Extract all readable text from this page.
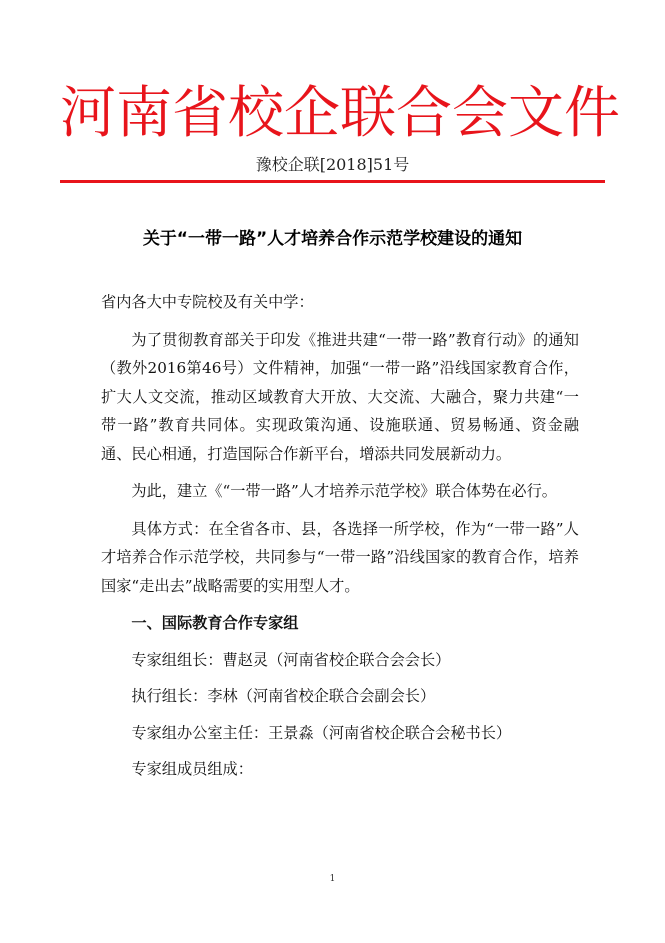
河南省校企联合会文件
豫校企联[2018]51号
关于“一带一路”人才培养合作示范学校建设的通知

省内各大中专院校及有关中学：

为了贯彻教育部关于印发《推进共建“一带一路”教育行动》的通知（教外2016第46号）文件精神，加强“一带一路”沿线国家教育合作，扩大人文交流，推动区域教育大开放、大交流、大融合，聚力共建“一带一路”教育共同体。实现政策沟通、设施联通、贸易畅通、资金融通、民心相通，打造国际合作新平台，增添共同发展新动力。

为此，建立《“一带一路”人才培养示范学校》联合体势在必行。

具体方式：在全省各市、县，各选择一所学校，作为“一带一路”人才培养合作示范学校，共同参与“一带一路”沿线国家的教育合作，培养国家“走出去”战略需要的实用型人才。

一、国际教育合作专家组

专家组组长：曹赵灵（河南省校企联合会会长）

执行组长：李林（河南省校企联合会副会长）

专家组办公室主任：王景淼（河南省校企联合会秘书长）

专家组成员组成：

1
